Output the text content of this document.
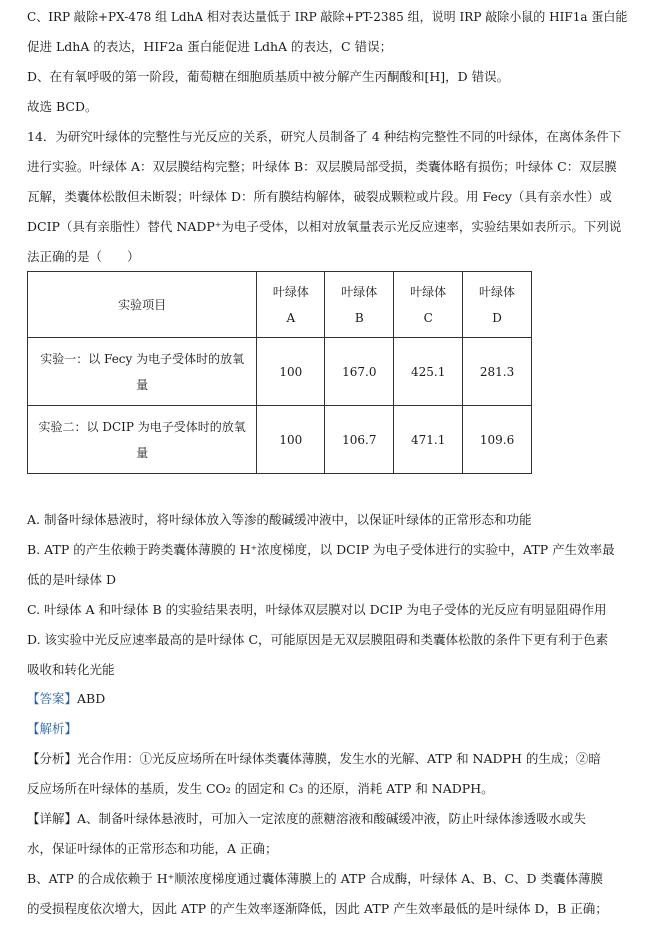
C、IRP 敲除+PX-478 组 LdhA 相对表达量低于 IRP 敲除+PT-2385 组，说明 IRP 敲除小鼠的 HIF1a 蛋白能
促进 LdhA 的表达，HIF2a 蛋白能促进 LdhA 的表达，C 错误；
D、在有氧呼吸的第一阶段，葡萄糖在细胞质基质中被分解产生丙酮酸和[H]，D 错误。
故选 BCD。
14．为研究叶绿体的完整性与光反应的关系，研究人员制备了 4 种结构完整性不同的叶绿体，在离体条件下
进行实验。叶绿体 A：双层膜结构完整；叶绿体 B：双层膜局部受损，类囊体略有损伤；叶绿体 C：双层膜
瓦解，类囊体松散但未断裂；叶绿体 D：所有膜结构解体，破裂成颗粒或片段。用 Fecy（具有亲水性）或
DCIP（具有亲脂性）替代 NADP⁺为电子受体，以相对放氧量表示光反应速率，实验结果如表所示。下列说
法正确的是（　　）
实验项目	叶绿体
A	叶绿体
B	叶绿体
C	叶绿体
D
实验一：以 Fecy 为电子受体时的放氧
量	100	167.0	425.1	281.3
实验二：以 DCIP 为电子受体时的放氧
量	100	106.7	471.1	109.6
A. 制备叶绿体悬液时，将叶绿体放入等渗的酸碱缓冲液中，以保证叶绿体的正常形态和功能
B. ATP 的产生依赖于跨类囊体薄膜的 H⁺浓度梯度，以 DCIP 为电子受体进行的实验中，ATP 产生效率最
低的是叶绿体 D
C. 叶绿体 A 和叶绿体 B 的实验结果表明，叶绿体双层膜对以 DCIP 为电子受体的光反应有明显阻碍作用
D. 该实验中光反应速率最高的是叶绿体 C，可能原因是无双层膜阻碍和类囊体松散的条件下更有利于色素
吸收和转化光能
【答案】ABD
【解析】
【分析】光合作用：①光反应场所在叶绿体类囊体薄膜，发生水的光解、ATP 和 NADPH 的生成；②暗
反应场所在叶绿体的基质，发生 CO₂ 的固定和 C₃ 的还原，消耗 ATP 和 NADPH。
【详解】A、制备叶绿体悬液时，可加入一定浓度的蔗糖溶液和酸碱缓冲液，防止叶绿体渗透吸水或失
水，保证叶绿体的正常形态和功能，A 正确；
B、ATP 的合成依赖于 H⁺顺浓度梯度通过囊体薄膜上的 ATP 合成酶，叶绿体 A、B、C、D 类囊体薄膜
的受损程度依次增大，因此 ATP 的产生效率逐渐降低，因此 ATP 产生效率最低的是叶绿体 D，B 正确；
